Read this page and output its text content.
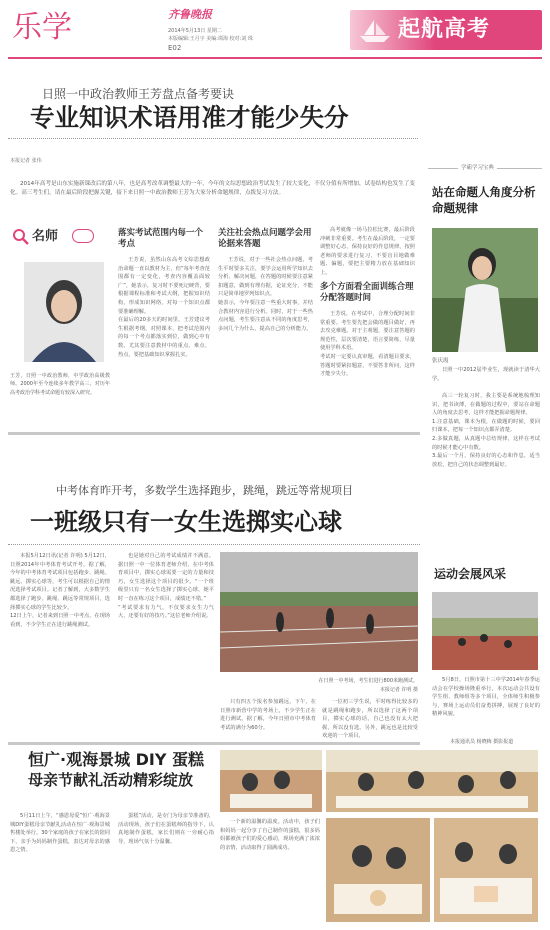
乐学	齐鲁晚报
2014年5月13日 星期二
本版编辑:王月宇 美编:谭海 校对:刘 珠
E02
起航高考
日照一中政治教师王芳盘点备考要诀
专业知识术语用准才能少失分
本报记者 张伟
2014年高考是山东实施新课改后的第八年，也是高考改革调整最大的一年，今年的文综思想政治考试发生了较大变化，不仅分值有所增加，试卷结构也发生了变化。高三考生们，请在最后阶段把握关键，接下来日照一中政治教师王芳为大家分析命题规律，点拨复习方法。
名师
王芳，日照一中政治教师，中学政治高级教师。2000年至今连续多年教学高三，对历年高考政治学科考试命题有较深入研究。
落实考试范围内每一个考点
王芳说，虽然山东高考文综思想政治命题一直以教材为主，但“每年考查范围都有一定变化，考查内容覆盖面较广”，她表示，复习时不要死记硬背，要根据课程标准和考试大纲，把握知识结构，形成知识网络，对每一个知识点都要准确理解。
在最后的20多天的时间里，王芳建议考生根据考纲，对照课本，把考试范围内的每一个考点都落实到位，做到心中有数。尤其要注意教材中的重点、难点、热点，要把基础知识掌握扎实。
关注社会热点问题学会用论据来答题
王芳说，对于一些社会热点问题，考生平时要多关注，要学会运用所学知识去分析、解决问题，在答题的时候要注意紧扣题意，做到有理有据，论证充分，不能只是简单地罗列知识点。
她表示，今年要注意一些重大时事，并结合教材内容进行分析。同时，对于一些热点问题，考生要注意从不同的角度思考，多问几个为什么，提高自己的分析能力。
高考就像一场马拉松比赛，最后阶段冲刺非常重要。考生在最后阶段，一定要调整好心态，保持良好的作息规律，按照老师的要求进行复习，不要盲目地做难题、偏题，要把主要精力放在基础知识上。
多个方面看全面训练合理分配答题时间
王芳说，在考试中，合理分配时间非常重要。考生要先把会做的题目做好，再去攻克难题。对于主观题，要注意答题的规范性，层次要清楚，语言要简练，尽量使用学科术语。
考试时一定要认真审题，看清题目要求，答题时要紧扣题意，不要答非所问，这样才能少失分。
学霸学习宝典
站在命题人角度分析命题规律
张庆霞
日照一中2012届毕业生，现就读于清华大学。
高三一轮复习时，我主要是系统地梳理知识，把书读薄，在做题的过程中，要站在命题人的角度去思考，这样才能把握命题规律。
1.注意基础，课本为根，在做题的时候，要回归课本，把每一个知识点都弄清楚。
2.多做真题，从真题中总结规律，这样在考试的时候才能心中有数。
3.最后一个月，保持良好的心态和作息，适当放松，把自己的状态调整到最好。
中考体育昨开考，多数学生选择跑步，跳绳，跳远等常规项目
一班级只有一女生选掷实心球
本报5月12日讯(记者 许明) 5月12日，日照2014年中考体育考试开考，据了解，今年的中考体育考试项目包括跑步、跳绳、跳远、掷实心球等，考生可以根据自己的情况选择考试项目。记者了解到，大多数学生都选择了跑步、跳绳、跳远等常规项目，选择掷实心球的学生比较少。
12日上午，记者来到日照一中考点，在现场看到，不少学生正在进行跳绳测试。
也是她对自己的考试成绩并不满意。据日照一中一位体育老师介绍，在中考体育项目中，掷实心球需要一定的力量和技巧，女生选择这个项目的很少。“一个班级里只有一名女生选择了掷实心球，她平时一直在练习这个项目，成绩还不错。”
“考试要求有力气，不仅要求女生力气大，还要有好的技巧。”这位老师介绍说。
在日照一中考场，考生们进行800米跑测试。
本报记者 许明 摄
只有四五个报名参加跳远，下午，在日照市新营中学的考场上，不少学生正在进行测试。据了解，今年日照市中考体育考试的满分为60分。
一位初三学生说，平时练得比较多的就是跳绳和跑步，所以选择了这两个项目，掷实心球的话，自己也没有太大把握，所以没有选。另外，跳远也是比较受欢迎的一个项目。
运动会展风采
5月8日，日照市第十三中学2014年春季运动会在学校操场隆重举行，本次运动会共设有学生组、教师组等多个项目，全体师生积极参与，赛场上运动员们奋勇拼搏，展现了良好的精神风貌。
本报通讯员 杨晓梅 摄影报道
恒广·观海景城 DIY 蛋糕
母亲节献礼活动精彩绽放
5月11日上午，“感恩母爱”恒广·观海景城DIY蛋糕母亲节献礼活动在恒广·观海景城售楼处举行。30个家庭的孩子在家长的陪同下，亲手为妈妈制作蛋糕，表达对母亲的感恩之情。
蛋糕”活动，是专门为母亲节准备的，活动现场，孩子们在蛋糕师的指导下，认真地制作蛋糕，家长们则在一旁耐心指导，现场气氛十分温馨。
一个新的温馨的温度。活动中，孩子们和妈妈一起分享了自己制作的蛋糕，很多妈妈都被孩子们的爱心感动，现场充满了浓浓的亲情，活动取得了圆满成功。
